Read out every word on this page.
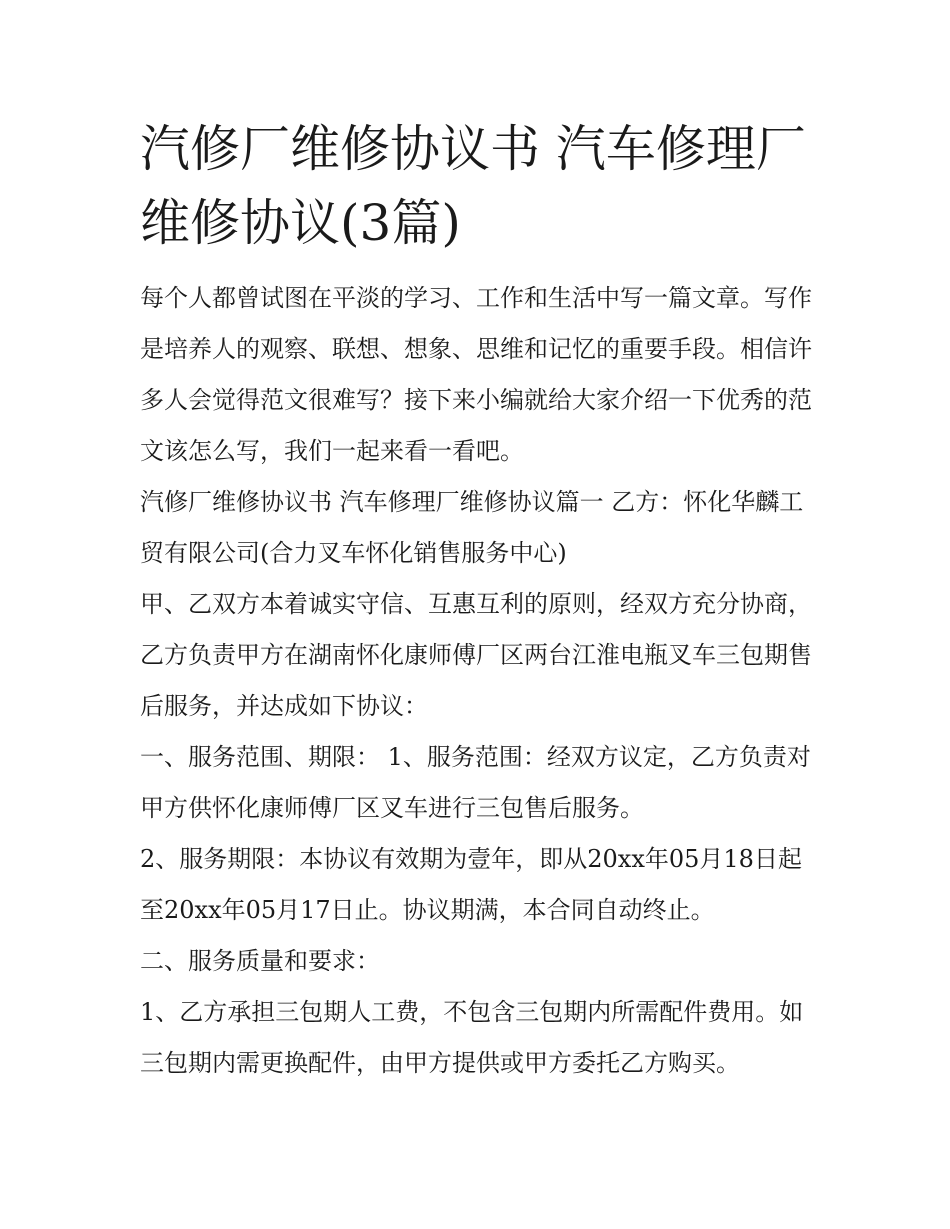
汽修厂维修协议书 汽车修理厂维修协议(3篇)

每个人都曾试图在平淡的学习、工作和生活中写一篇文章。写作是培养人的观察、联想、想象、思维和记忆的重要手段。相信许多人会觉得范文很难写？接下来小编就给大家介绍一下优秀的范文该怎么写，我们一起来看一看吧。

汽修厂维修协议书 汽车修理厂维修协议篇一 乙方：怀化华麟工贸有限公司(合力叉车怀化销售服务中心)

甲、乙双方本着诚实守信、互惠互利的原则，经双方充分协商，乙方负责甲方在湖南怀化康师傅厂区两台江淮电瓶叉车三包期售后服务，并达成如下协议：

一、服务范围、期限： 1、服务范围：经双方议定，乙方负责对甲方供怀化康师傅厂区叉车进行三包售后服务。

2、服务期限：本协议有效期为壹年，即从20xx年05月18日起至20xx年05月17日止。协议期满，本合同自动终止。

二、服务质量和要求：

1、乙方承担三包期人工费，不包含三包期内所需配件费用。如三包期内需更换配件，由甲方提供或甲方委托乙方购买。
